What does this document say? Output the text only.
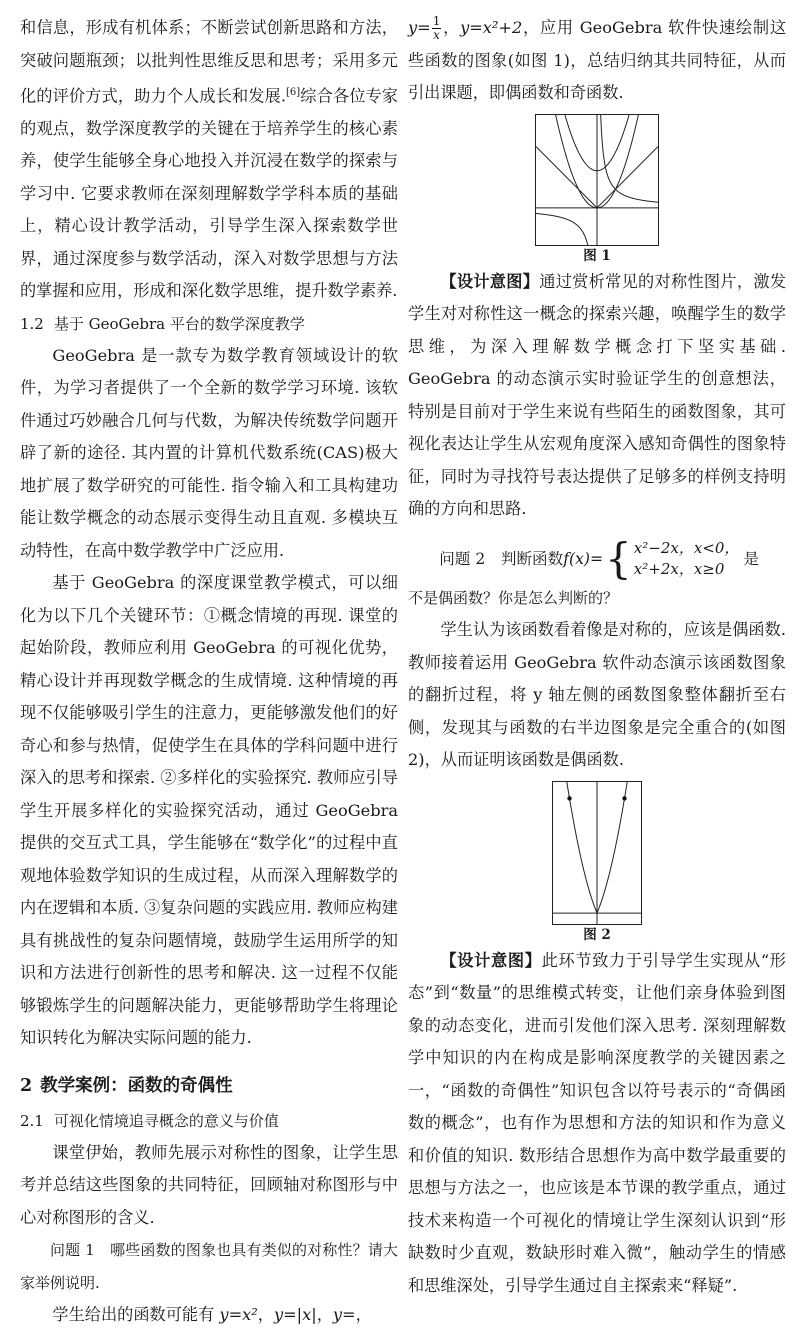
和信息，形成有机体系；不断尝试创新思路和方法，突破问题瓶颈；以批判性思维反思和思考；采用多元化的评价方式，助力个人成长和发展.[6]综合各位专家的观点，数学深度教学的关键在于培养学生的核心素养，使学生能够全身心地投入并沉浸在数学的探索与学习中. 它要求教师在深刻理解数学学科本质的基础上，精心设计教学活动，引导学生深入探索数学世界，通过深度参与数学活动，深入对数学思想与方法的掌握和应用，形成和深化数学思维，提升数学素养.

1.2 基于 GeoGebra 平台的数学深度教学

GeoGebra 是一款专为数学教育领域设计的软件，为学习者提供了一个全新的数学学习环境. 该软件通过巧妙融合几何与代数，为解决传统数学问题开辟了新的途径. 其内置的计算机代数系统(CAS)极大地扩展了数学研究的可能性. 指令输入和工具构建功能让数学概念的动态展示变得生动且直观. 多模块互动特性，在高中数学教学中广泛应用.

基于 GeoGebra 的深度课堂教学模式，可以细化为以下几个关键环节：①概念情境的再现. 课堂的起始阶段，教师应利用 GeoGebra 的可视化优势，精心设计并再现数学概念的生成情境. 这种情境的再现不仅能够吸引学生的注意力，更能够激发他们的好奇心和参与热情，促使学生在具体的学科问题中进行深入的思考和探索. ②多样化的实验探究. 教师应引导学生开展多样化的实验探究活动，通过 GeoGebra 提供的交互式工具，学生能够在“数学化”的过程中直观地体验数学知识的生成过程，从而深入理解数学的内在逻辑和本质. ③复杂问题的实践应用. 教师应构建具有挑战性的复杂问题情境，鼓励学生运用所学的知识和方法进行创新性的思考和解决. 这一过程不仅能够锻炼学生的问题解决能力，更能够帮助学生将理论知识转化为解决实际问题的能力.

2 教学案例：函数的奇偶性
2.1 可视化情境追寻概念的意义与价值

课堂伊始，教师先展示对称性的图象，让学生思考并总结这些图象的共同特征，回顾轴对称图形与中心对称图形的含义.

问题 1　哪些函数的图象也具有类似的对称性？请大家举例说明.

学生给出的函数可能有 y=x²，y=|x|，y=，

$y= \frac{1}{x}$ ，y=x²+2，应用 GeoGebra 软件快速绘制这些函数的图象(如图 1)，总结归纳其共同特征，从而引出课题，即偶函数和奇函数.

图 1

【设计意图】通过赏析常见的对称性图片，激发学生对对称性这一概念的探索兴趣，唤醒学生的数学思维，为深入理解数学概念打下坚实基础. GeoGebra 的动态演示实时验证学生的创意想法，特别是目前对于学生来说有些陌生的函数图象，其可视化表达让学生从宏观角度深入感知奇偶性的图象特征，同时为寻找符号表达提供了足够多的样例支持明确的方向和思路.

问题 2　判断函数 f(x)= { x²−2x，x<0，
x²+2x，x≥0
是

不是偶函数？你是怎么判断的？

学生认为该函数看着像是对称的，应该是偶函数. 教师接着运用 GeoGebra 软件动态演示该函数图象的翻折过程，将 y 轴左侧的函数图象整体翻折至右侧，发现其与函数的右半边图象是完全重合的(如图 2)，从而证明该函数是偶函数.

图 2

【设计意图】此环节致力于引导学生实现从“形态”到“数量”的思维模式转变，让他们亲身体验到图象的动态变化，进而引发他们深入思考. 深刻理解数学中知识的内在构成是影响深度教学的关键因素之一，“函数的奇偶性”知识包含以符号表示的“奇偶函数的概念”，也有作为思想和方法的知识和作为意义和价值的知识. 数形结合思想作为高中数学最重要的思想与方法之一，也应该是本节课的教学重点，通过技术来构造一个可视化的情境让学生深刻认识到“形缺数时少直观，数缺形时难入微”，触动学生的情感和思维深处，引导学生通过自主探索来“释疑”.
